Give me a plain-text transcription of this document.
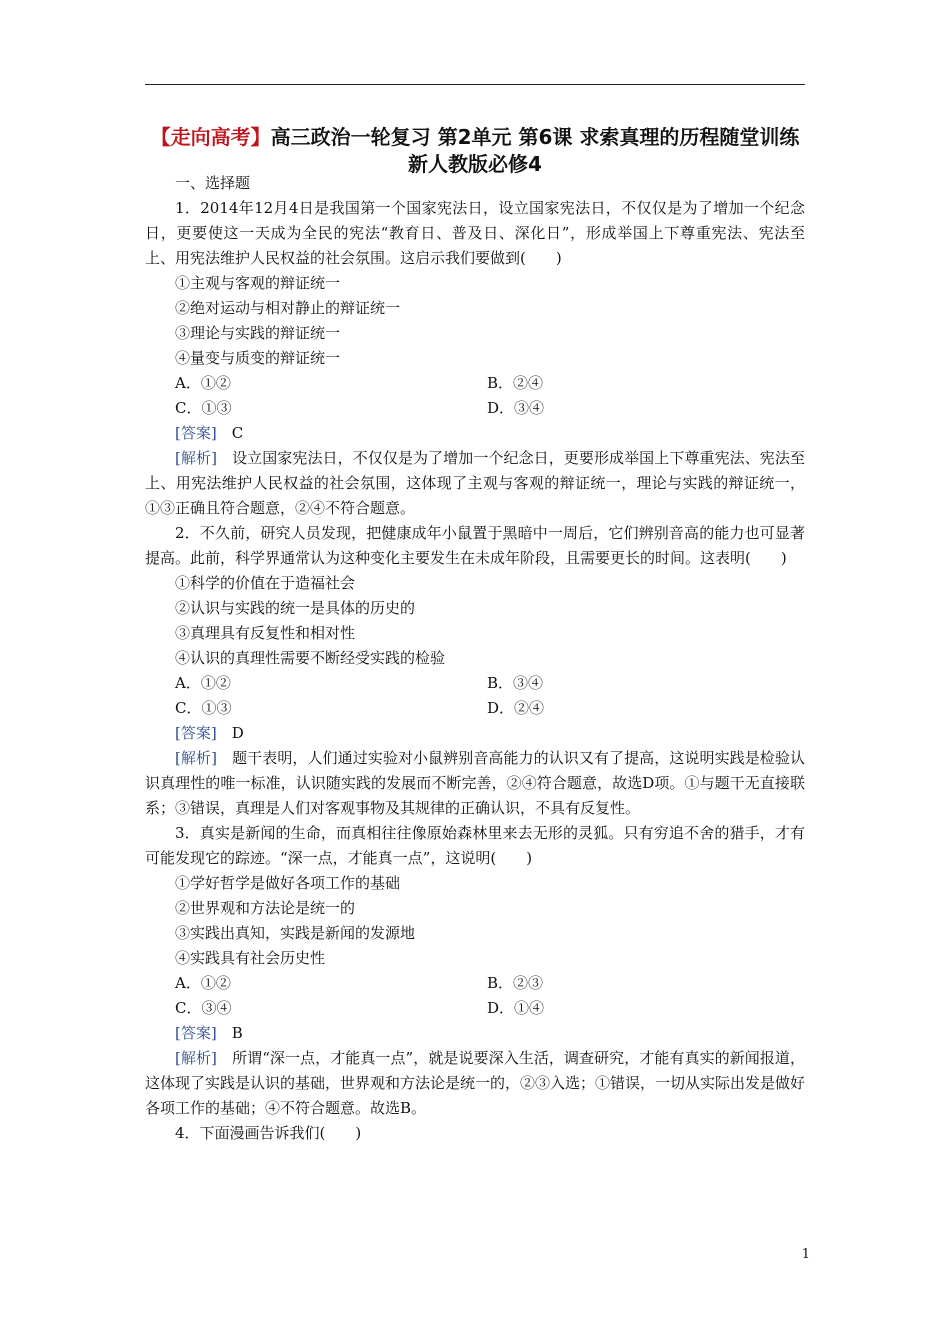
【走向高考】高三政治一轮复习 第2单元 第6课 求索真理的历程随堂训练 新人教版必修4
一、选择题
1．2014年12月4日是我国第一个国家宪法日，设立国家宪法日，不仅仅是为了增加一个纪念日，更要使这一天成为全民的宪法“教育日、普及日、深化日”，形成举国上下尊重宪法、宪法至上、用宪法维护人民权益的社会氛围。这启示我们要做到(　　)
①主观与客观的辩证统一
②绝对运动与相对静止的辩证统一
③理论与实践的辩证统一
④量变与质变的辩证统一
A．①②	B．②④
C．①③	D．③④
[答案]　 C
[解析]　 设立国家宪法日，不仅仅是为了增加一个纪念日，更要形成举国上下尊重宪法、宪法至上、用宪法维护人民权益的社会氛围，这体现了主观与客观的辩证统一，理论与实践的辩证统一，①③正确且符合题意，②④不符合题意。
2．不久前，研究人员发现，把健康成年小鼠置于黑暗中一周后，它们辨别音高的能力也可显著提高。此前，科学界通常认为这种变化主要发生在未成年阶段，且需要更长的时间。这表明(　　)
①科学的价值在于造福社会
②认识与实践的统一是具体的历史的
③真理具有反复性和相对性
④认识的真理性需要不断经受实践的检验
A．①②	B．③④
C．①③	D．②④
[答案]　 D
[解析]　 题干表明，人们通过实验对小鼠辨别音高能力的认识又有了提高，这说明实践是检验认识真理性的唯一标准，认识随实践的发展而不断完善，②④符合题意，故选D项。①与题干无直接联系；③错误，真理是人们对客观事物及其规律的正确认识，不具有反复性。
3．真实是新闻的生命，而真相往往像原始森林里来去无形的灵狐。只有穷追不舍的猎手，才有可能发现它的踪迹。“深一点，才能真一点”，这说明(　　)
①学好哲学是做好各项工作的基础
②世界观和方法论是统一的
③实践出真知，实践是新闻的发源地
④实践具有社会历史性
A．①②	B．②③
C．③④	D．①④
[答案]　 B
[解析]　 所谓“深一点，才能真一点”，就是说要深入生活，调查研究，才能有真实的新闻报道，这体现了实践是认识的基础，世界观和方法论是统一的，②③入选；①错误，一切从实际出发是做好各项工作的基础；④不符合题意。故选B。
4．下面漫画告诉我们(　　)
1
